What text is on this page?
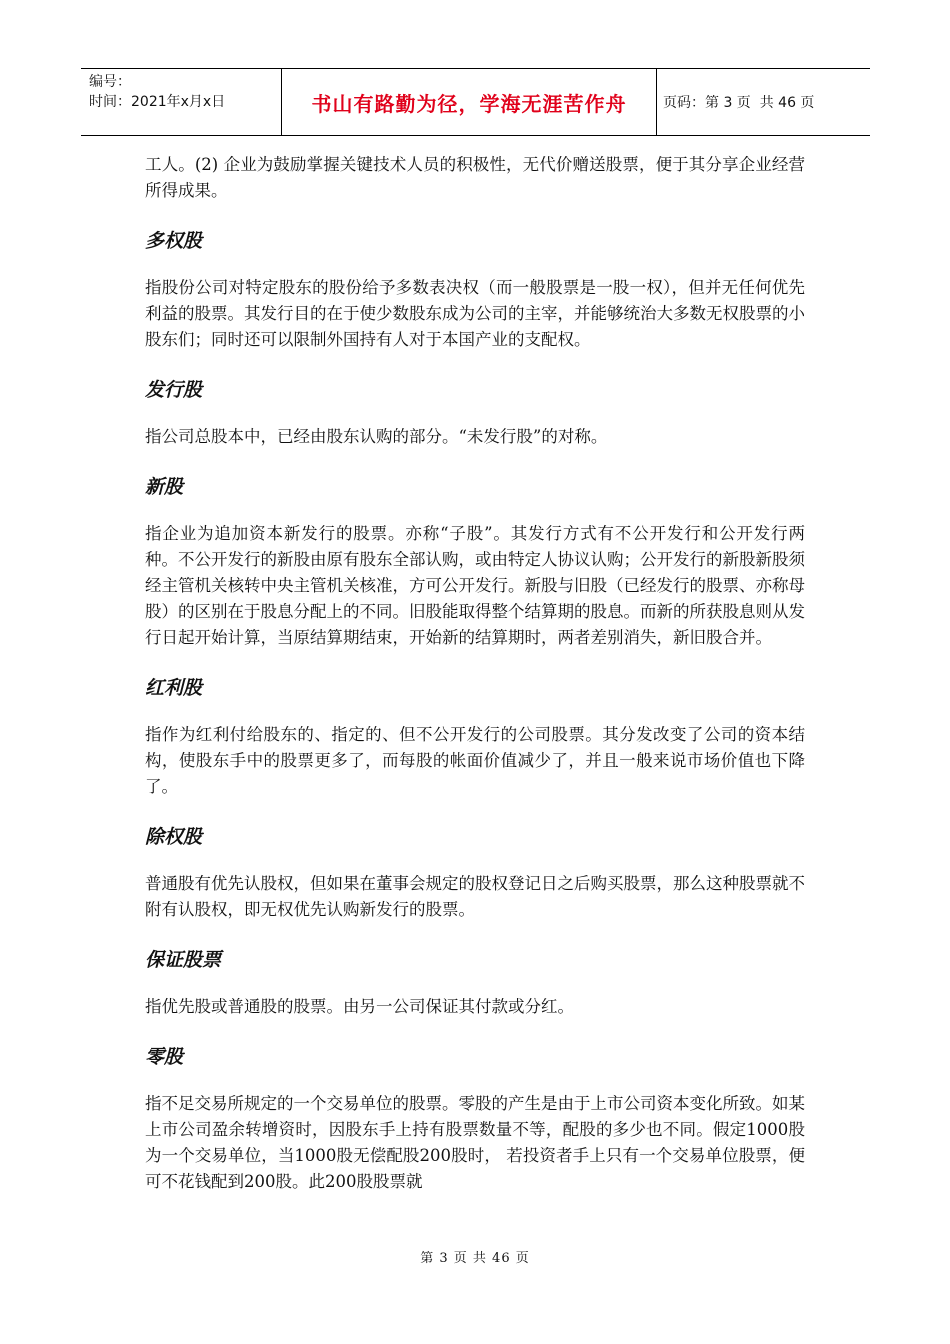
编号：
时间：2021年x月x日	书山有路勤为径，学海无涯苦作舟	页码：第 3 页  共 46 页

工人。(2) 企业为鼓励掌握关键技术人员的积极性，无代价赠送股票，便于其分享企业经营所得成果。

多权股

指股份公司对特定股东的股份给予多数表决权（而一般股票是一股一权），但并无任何优先利益的股票。其发行目的在于使少数股东成为公司的主宰，并能够统治大多数无权股票的小股东们；同时还可以限制外国持有人对于本国产业的支配权。

发行股

指公司总股本中，已经由股东认购的部分。“未发行股”的对称。

新股

指企业为追加资本新发行的股票。亦称“子股”。其发行方式有不公开发行和公开发行两种。不公开发行的新股由原有股东全部认购，或由特定人协议认购；公开发行的新股新股须经主管机关核转中央主管机关核准，方可公开发行。新股与旧股（已经发行的股票、亦称母股）的区别在于股息分配上的不同。旧股能取得整个结算期的股息。而新的所获股息则从发行日起开始计算，当原结算期结束，开始新的结算期时，两者差别消失，新旧股合并。

红利股

指作为红利付给股东的、指定的、但不公开发行的公司股票。其分发改变了公司的资本结构，使股东手中的股票更多了，而每股的帐面价值减少了，并且一般来说市场价值也下降了。

除权股

普通股有优先认股权，但如果在董事会规定的股权登记日之后购买股票，那么这种股票就不附有认股权，即无权优先认购新发行的股票。

保证股票

指优先股或普通股的股票。由另一公司保证其付款或分红。

零股

指不足交易所规定的一个交易单位的股票。零股的产生是由于上市公司资本变化所致。如某上市公司盈余转增资时，因股东手上持有股票数量不等，配股的多少也不同。假定1000股为一个交易单位，当1000股无偿配股200股时， 若投资者手上只有一个交易单位股票，便可不花钱配到200股。此200股股票就

第 3 页 共 46 页
